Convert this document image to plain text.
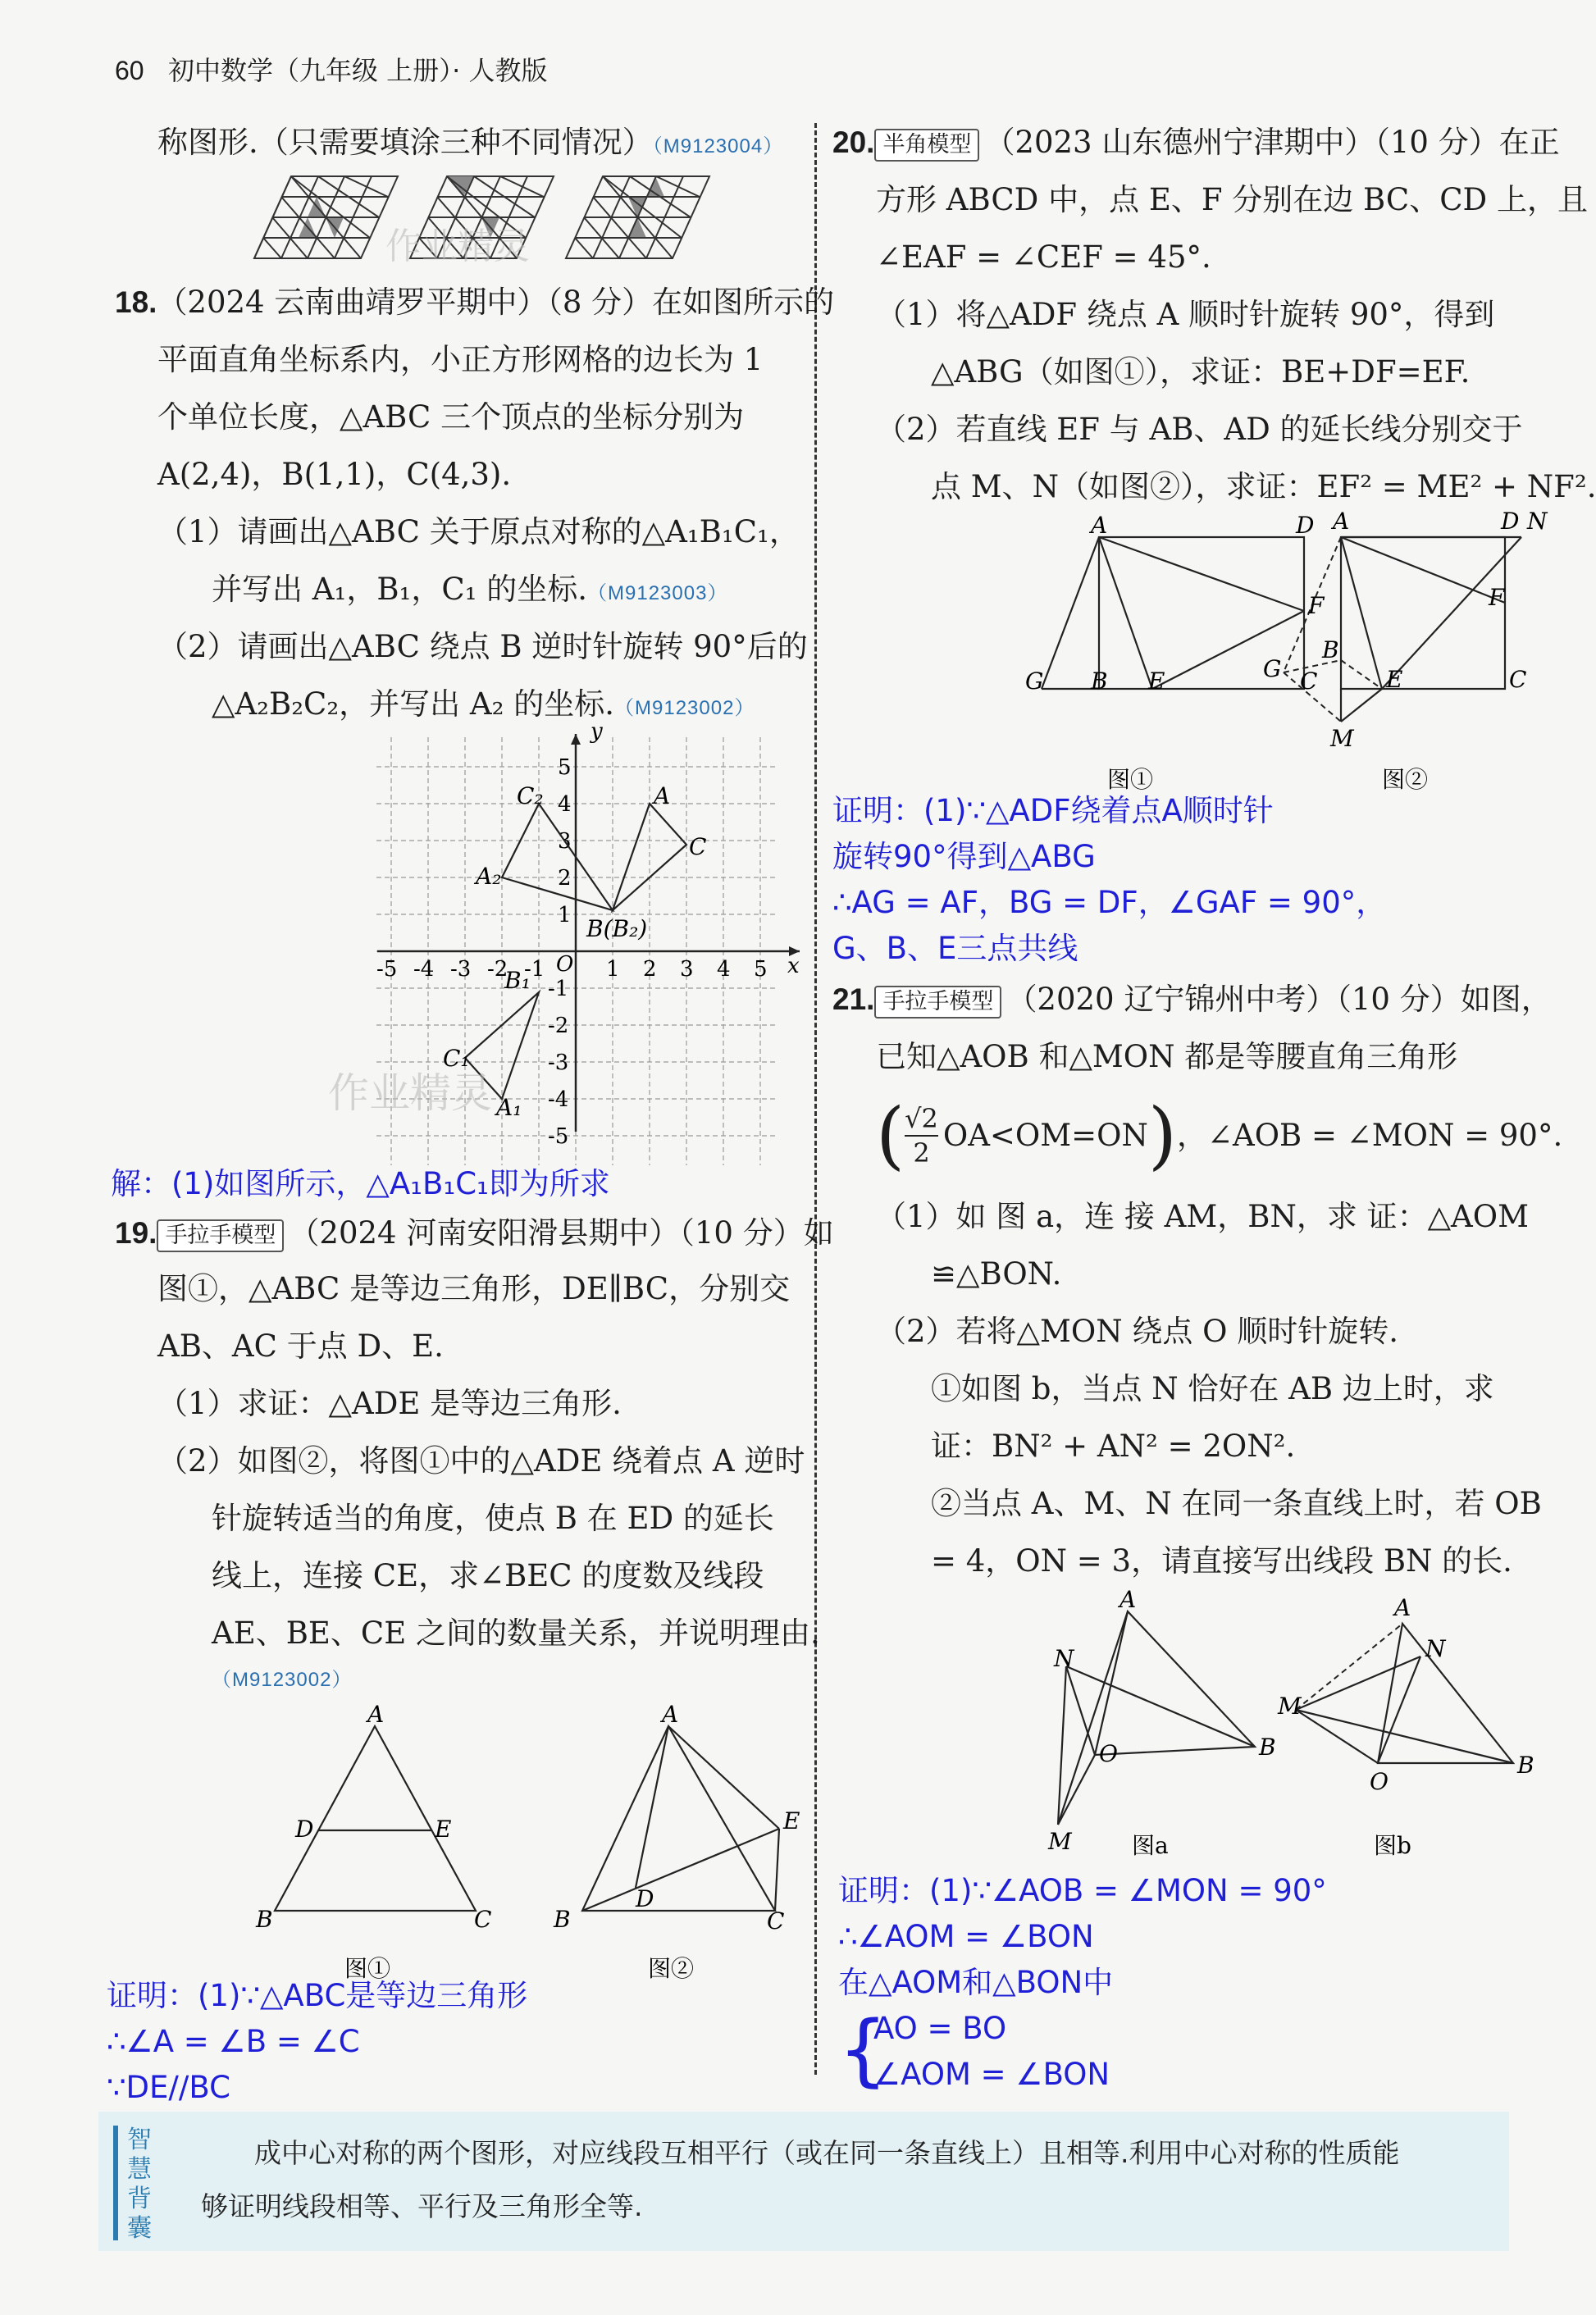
60 初中数学（九年级 上册）· 人教版
称图形.（只需要填涂三种不同情况）（M9123004）
作业精灵
18.（2024 云南曲靖罗平期中）（8 分）在如图所示的
平面直角坐标系内，小正方形网格的边长为 1
个单位长度，△ABC 三个顶点的坐标分别为
A(2,4)，B(1,1)，C(4,3).
（1）请画出△ABC 关于原点对称的△A₁B₁C₁，
并写出 A₁，B₁，C₁ 的坐标.（M9123003）
（2）请画出△ABC 绕点 B 逆时针旋转 90°后的
△A₂B₂C₂，并写出 A₂ 的坐标.（M9123002）
y
x
-5 -4 -3 -2 -1	1 2 3 4 5
5
4
3
2
1
-1
-2
-3
-4
-5
A
C
B(B₂)
A₂
C₂
B₁
C₁
A₁
O
作业精灵
解：(1)如图所示，△A₁B₁C₁即为所求
19. 手拉手模型 （2024 河南安阳滑县期中）（10 分）如
图①，△ABC 是等边三角形，DE∥BC，分别交
AB、AC 于点 D、E.
（1）求证：△ADE 是等边三角形.
（2）如图②，将图①中的△ADE 绕着点 A 逆时
针旋转适当的角度，使点 B 在 ED 的延长
线上，连接 CE，求∠BEC 的度数及线段
AE、BE、CE 之间的数量关系，并说明理由.
（M9123002）
A
B	C
D	E
A
B	C
D
E
图①	图②
证明：(1)∵△ABC是等边三角形
∴∠A = ∠B = ∠C
∵DE//BC
20. 半角模型 （2023 山东德州宁津期中）（10 分）在正
方形 ABCD 中，点 E、F 分别在边 BC、CD 上，且
∠EAF = ∠CEF = 45°.
（1）将△ADF 绕点 A 顺时针旋转 90°，得到
△ABG（如图①），求证：BE+DF=EF.
（2）若直线 EF 与 AB、AD 的延长线分别交于
点 M、N（如图②），求证：EF² = ME² + NF².
A	D
G B E	C
F
A	D N
F
G
B
E	C
M
图①	图②
证明：(1)∵△ADF绕着点A顺时针
旋转90°得到△ABG
∴AG = AF，BG = DF，∠GAF = 90°，
G、B、E三点共线
21. 手拉手模型 （2020 辽宁锦州中考）（10 分）如图，
已知△AOB 和△MON 都是等腰直角三角形
( √2
2 OA<OM=ON ) ，∠AOB = ∠MON = 90°.
（1）如 图 a，连 接 AM，BN，求 证：△AOM
≌△BON.
（2）若将△MON 绕点 O 顺时针旋转.
①如图 b，当点 N 恰好在 AB 边上时，求
证：BN² + AN² = 2ON².
②当点 A、M、N 在同一条直线上时，若 OB
= 4，ON = 3，请直接写出线段 BN 的长.
A
N
O	B
M
A
N
M
O
B
图a	图b
证明：(1)∵∠AOB = ∠MON = 90°
∴∠AOM = ∠BON
在△AOM和△BON中
{
AO = BO
∠AOM = ∠BON
智慧背囊
成中心对称的两个图形，对应线段互相平行（或在同一条直线上）且相等.利用中心对称的性质能
够证明线段相等、平行及三角形全等.
